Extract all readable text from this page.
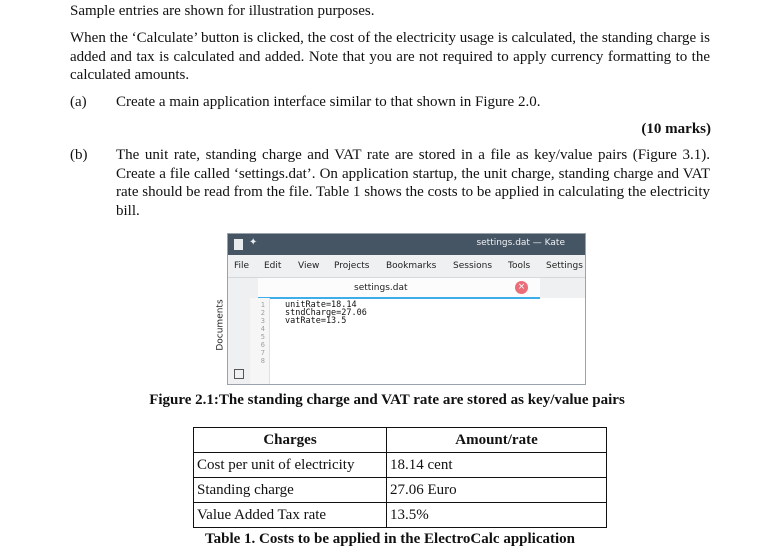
Sample entries are shown for illustration purposes.
When the ‘Calculate’ button is clicked, the cost of the electricity usage is calculated, the standing charge is added and tax is calculated and added. Note that you are not required to apply currency formatting to the calculated amounts.
(a) Create a main application interface similar to that shown in Figure 2.0.
(10 marks)
(b) The unit rate, standing charge and VAT rate are stored in a file as key/value pairs (Figure 3.1). Create a file called ‘settings.dat’. On application startup, the unit charge, standing charge and VAT rate should be read from the file. Table 1 shows the costs to be applied in calculating the electricity bill.
✦	settings.dat — Kate
File Edit View Projects Bookmarks Sessions Tools Settings
Documents
settings.dat	×
1
2
3
4
5
6
7
8
unitRate=18.14
stndCharge=27.06
vatRate=13.5
Figure 2.1:The standing charge and VAT rate are stored as key/value pairs
Charges	Amount/rate
Cost per unit of electricity	18.14 cent
Standing charge	27.06 Euro
Value Added Tax rate	13.5%
Table 1. Costs to be applied in the ElectroCalc application
